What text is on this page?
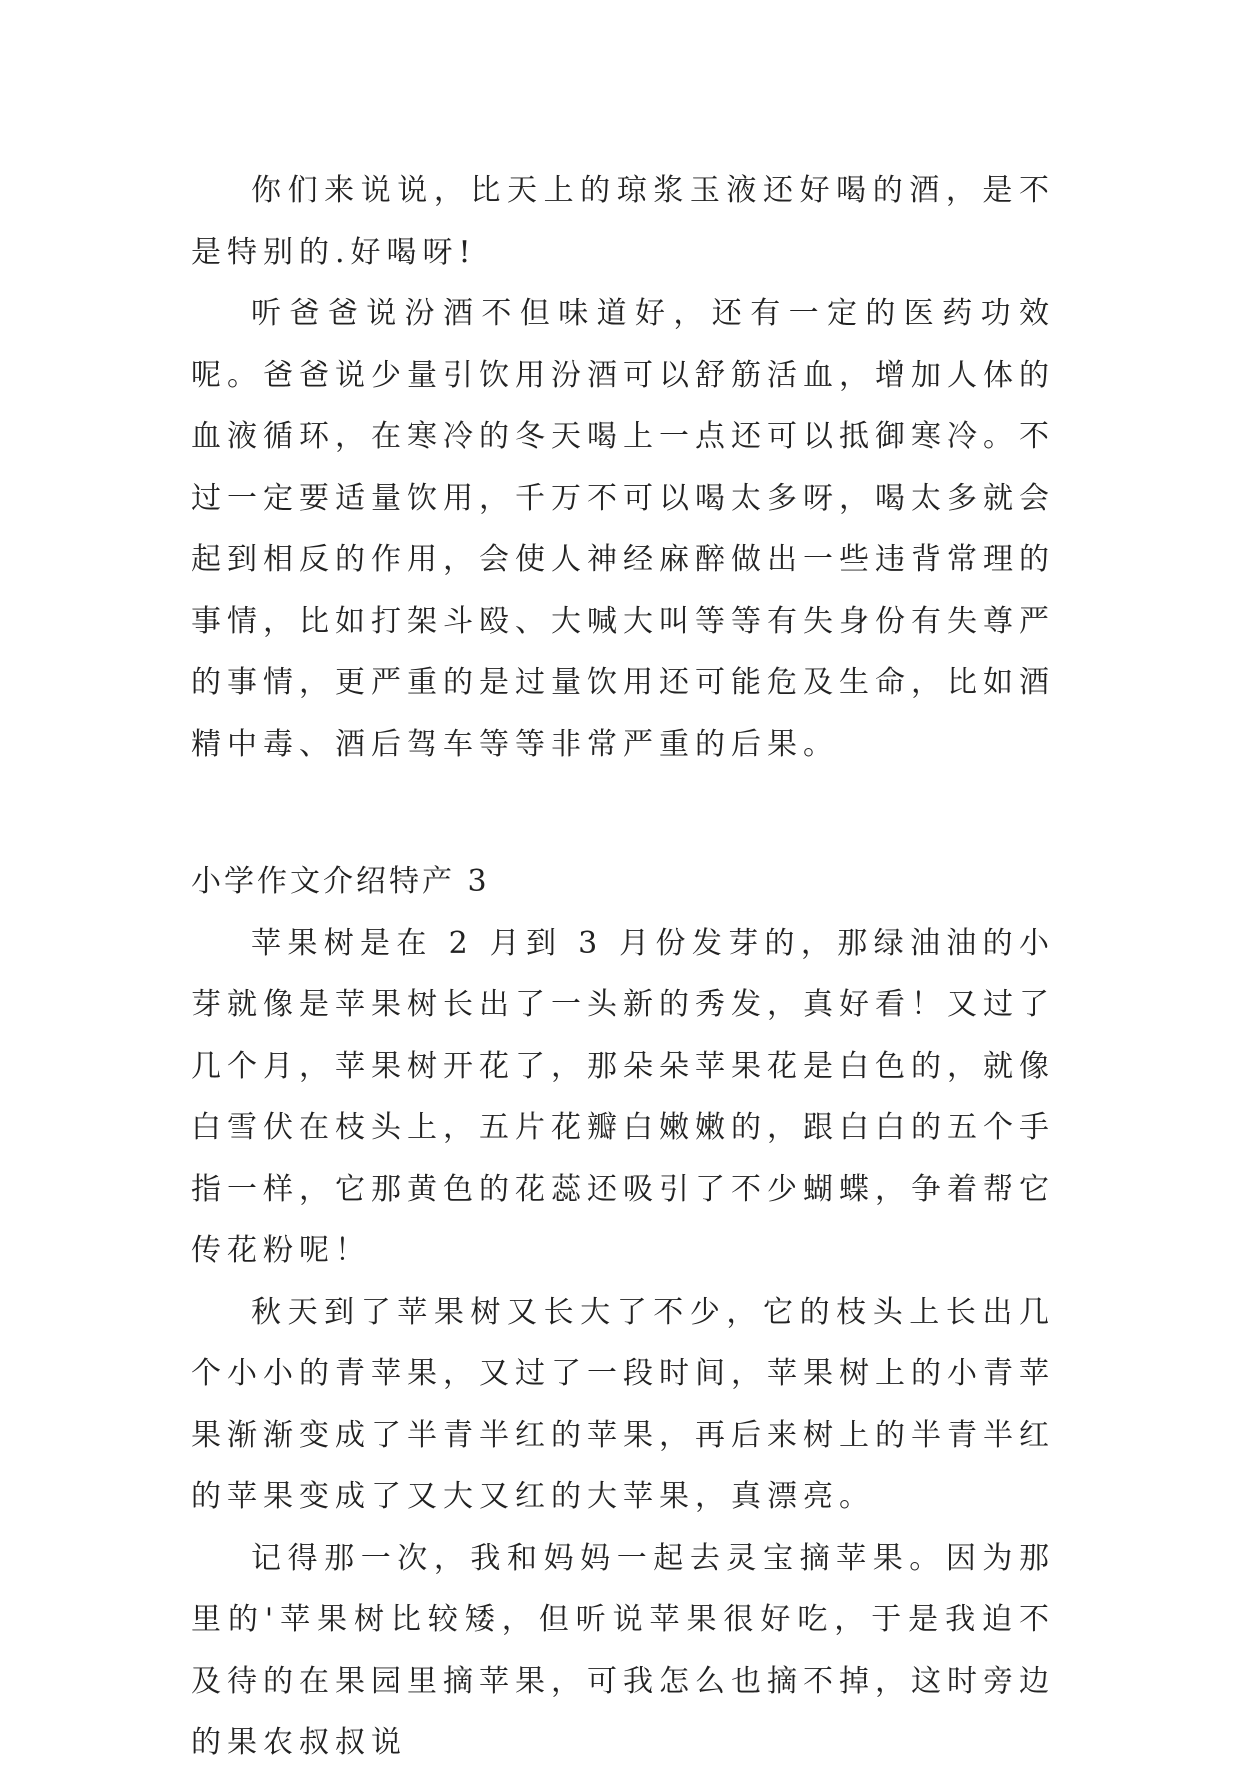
你们来说说，比天上的琼浆玉液还好喝的酒，是不是特别的.好喝呀!

听爸爸说汾酒不但味道好，还有一定的医药功效呢。爸爸说少量引饮用汾酒可以舒筋活血，增加人体的血液循环，在寒冷的冬天喝上一点还可以抵御寒冷。不过一定要适量饮用，千万不可以喝太多呀，喝太多就会起到相反的作用，会使人神经麻醉做出一些违背常理的事情，比如打架斗殴、大喊大叫等等有失身份有失尊严的事情，更严重的是过量饮用还可能危及生命，比如酒精中毒、酒后驾车等等非常严重的后果。

小学作文介绍特产 3

苹果树是在 2 月到 3 月份发芽的，那绿油油的小芽就像是苹果树长出了一头新的秀发，真好看！又过了几个月，苹果树开花了，那朵朵苹果花是白色的，就像白雪伏在枝头上，五片花瓣白嫩嫩的，跟白白的五个手指一样，它那黄色的花蕊还吸引了不少蝴蝶，争着帮它传花粉呢！

秋天到了苹果树又长大了不少，它的枝头上长出几个小小的青苹果，又过了一段时间，苹果树上的小青苹果渐渐变成了半青半红的苹果，再后来树上的半青半红的苹果变成了又大又红的大苹果，真漂亮。

记得那一次，我和妈妈一起去灵宝摘苹果。因为那里的'苹果树比较矮，但听说苹果很好吃，于是我迫不及待的在果园里摘苹果，可我怎么也摘不掉，这时旁边的果农叔叔说
